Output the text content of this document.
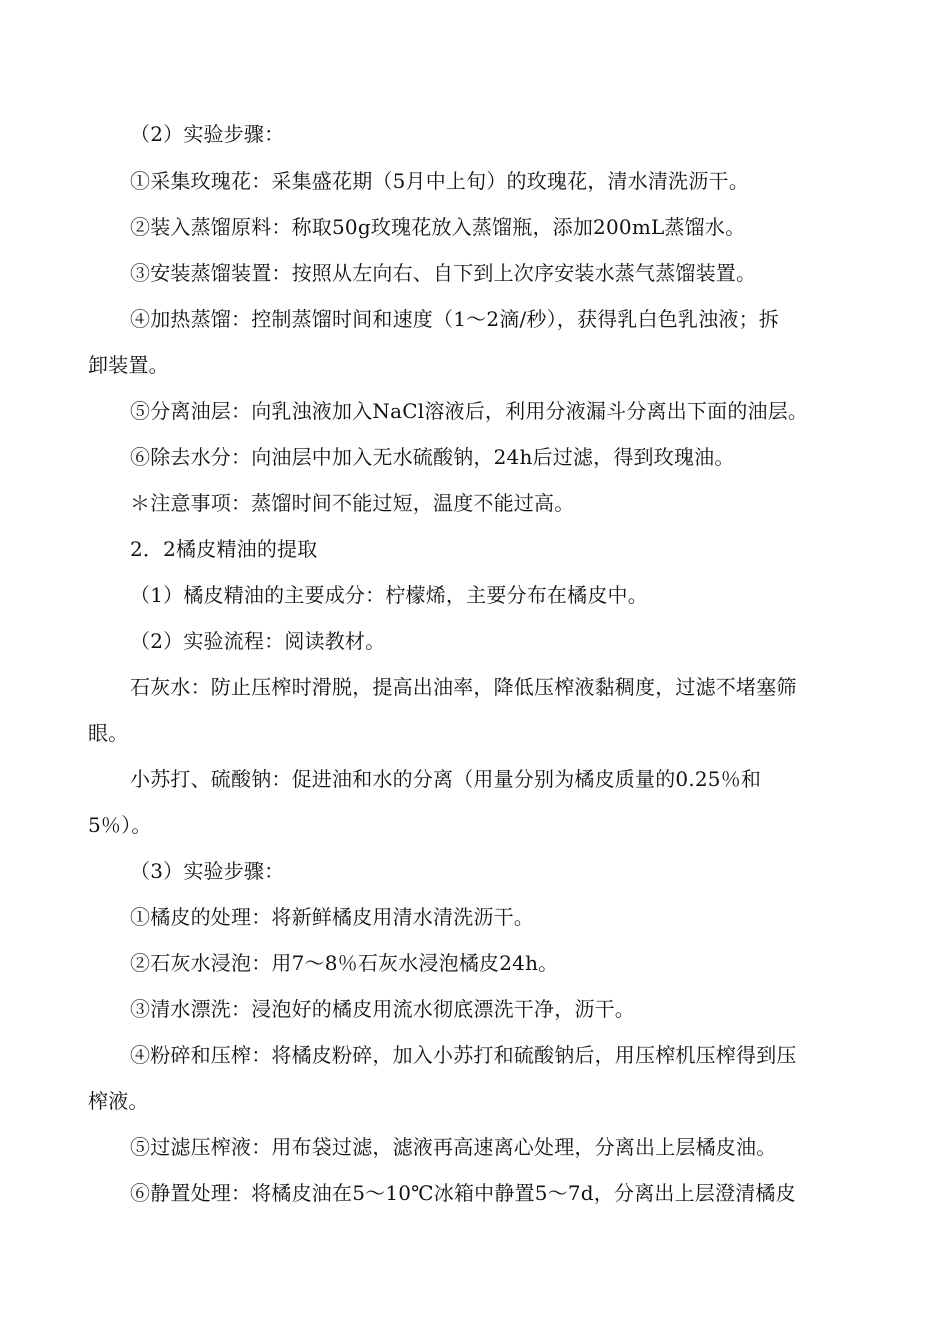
（2）实验步骤：
①采集玫瑰花：采集盛花期（5月中上旬）的玫瑰花，清水清洗沥干。
②装入蒸馏原料：称取50g玫瑰花放入蒸馏瓶，添加200mL蒸馏水。
③安装蒸馏装置：按照从左向右、自下到上次序安装水蒸气蒸馏装置。
④加热蒸馏：控制蒸馏时间和速度（1～2滴/秒），获得乳白色乳浊液；拆
卸装置。
⑤分离油层：向乳浊液加入NaCl溶液后，利用分液漏斗分离出下面的油层。
⑥除去水分：向油层中加入无水硫酸钠，24h后过滤，得到玫瑰油。
＊注意事项：蒸馏时间不能过短，温度不能过高。
2．2橘皮精油的提取
（1）橘皮精油的主要成分：柠檬烯，主要分布在橘皮中。
（2）实验流程：阅读教材。
石灰水：防止压榨时滑脱，提高出油率，降低压榨液黏稠度，过滤不堵塞筛
眼。
小苏打、硫酸钠：促进油和水的分离（用量分别为橘皮质量的0.25％和
5％）。
（3）实验步骤：
①橘皮的处理：将新鲜橘皮用清水清洗沥干。
②石灰水浸泡：用7～8％石灰水浸泡橘皮24h。
③清水漂洗：浸泡好的橘皮用流水彻底漂洗干净，沥干。
④粉碎和压榨：将橘皮粉碎，加入小苏打和硫酸钠后，用压榨机压榨得到压
榨液。
⑤过滤压榨液：用布袋过滤，滤液再高速离心处理，分离出上层橘皮油。
⑥静置处理：将橘皮油在5～10℃冰箱中静置5～7d，分离出上层澄清橘皮
